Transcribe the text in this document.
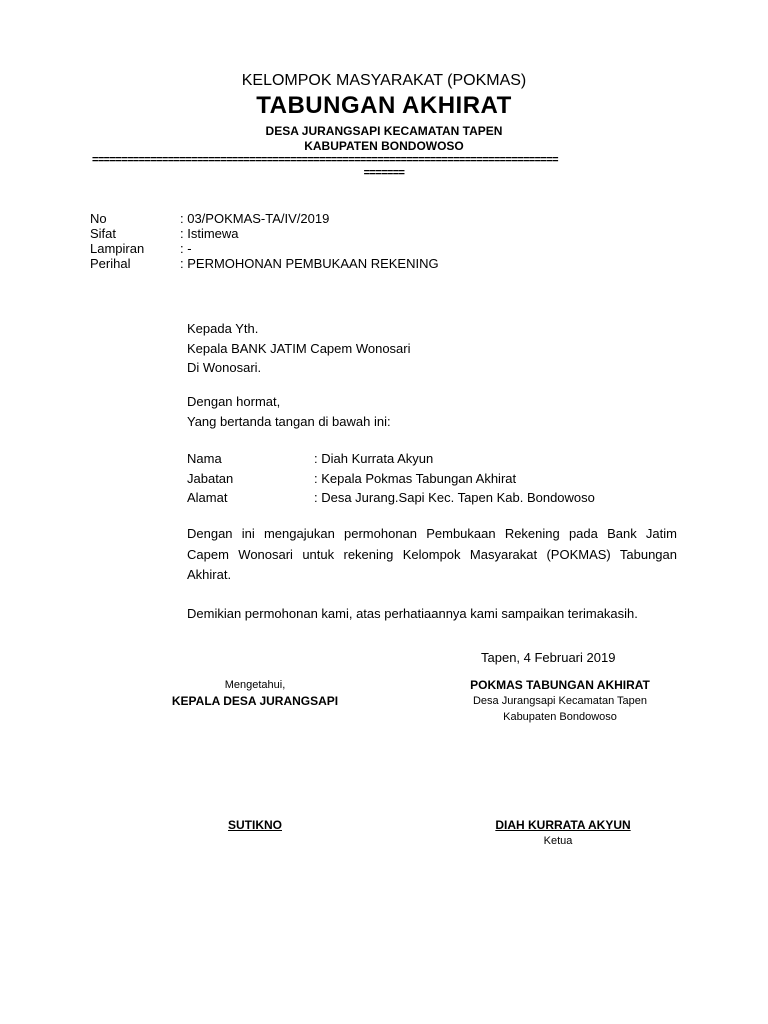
KELOMPOK MASYARAKAT (POKMAS)
TABUNGAN AKHIRAT
DESA JURANGSAPI KECAMATAN TAPEN
KABUPATEN BONDOWOSO
================================================================================
=======
No	: 03/POKMAS-TA/IV/2019
Sifat	: Istimewa
Lampiran	: -
Perihal	: PERMOHONAN PEMBUKAAN REKENING
Kepada Yth.
Kepala BANK JATIM Capem Wonosari
Di Wonosari.
Dengan hormat,
Yang bertanda tangan di bawah ini:
Nama	: Diah Kurrata Akyun
Jabatan	: Kepala Pokmas Tabungan Akhirat
Alamat	: Desa Jurang.Sapi Kec. Tapen Kab. Bondowoso
Dengan ini mengajukan permohonan Pembukaan Rekening pada Bank Jatim Capem Wonosari untuk rekening Kelompok Masyarakat (POKMAS) Tabungan Akhirat.
Demikian permohonan kami, atas perhatiaannya kami sampaikan terimakasih.
Tapen, 4 Februari 2019
Mengetahui,
KEPALA DESA JURANGSAPI
SUTIKNO
POKMAS TABUNGAN AKHIRAT
Desa Jurangsapi Kecamatan Tapen
Kabupaten Bondowoso
DIAH KURRATA AKYUN
Ketua
